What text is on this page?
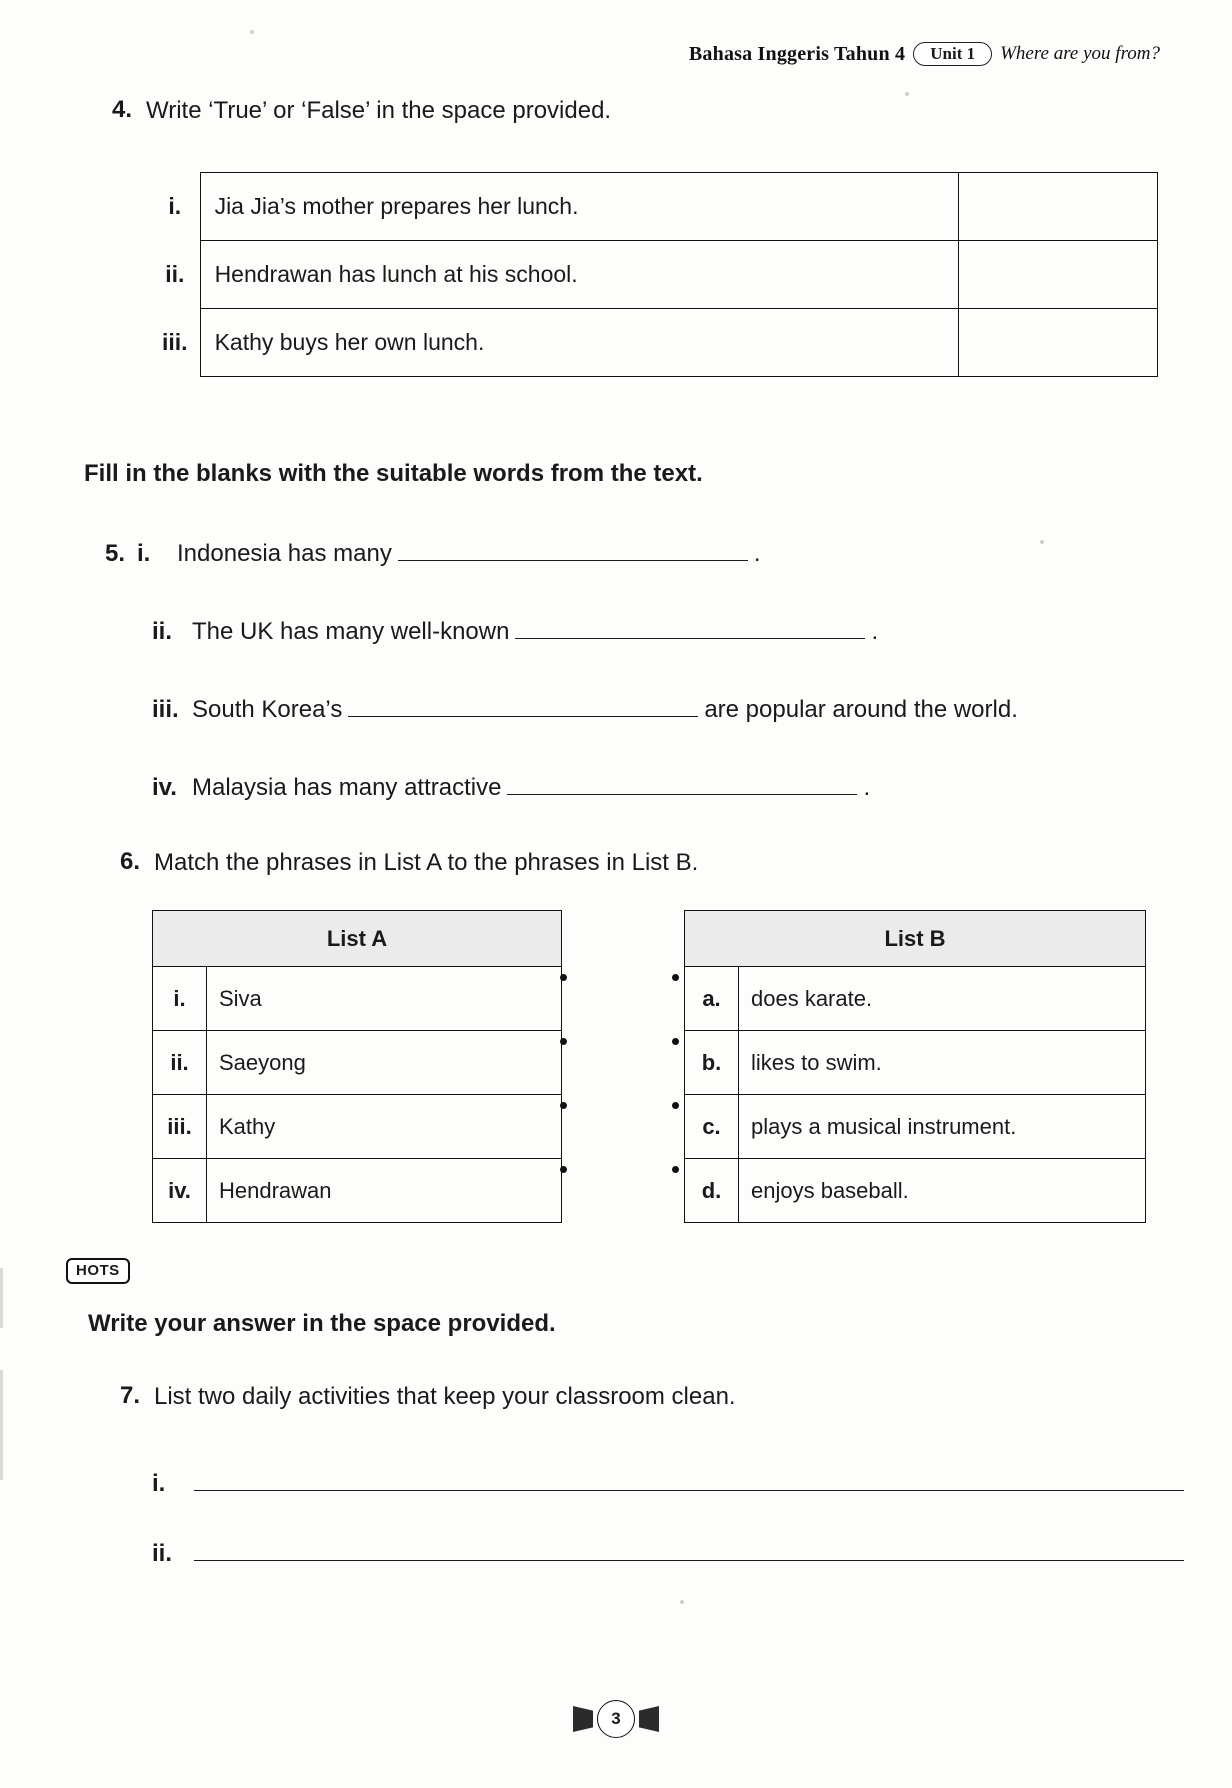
Bahasa Inggeris Tahun 4	Unit 1	Where are you from?
4. Write ‘True’ or ‘False’ in the space provided.
i.	Jia Jia’s mother prepares her lunch.	
ii.	Hendrawan has lunch at his school.	
iii.	Kathy buys her own lunch.	
Fill in the blanks with the suitable words from the text.
5. i.	Indonesia has many	.
ii. The UK has many well-known	.
iii. South Korea’s	are popular around the world.
iv. Malaysia has many attractive	.
6. Match the phrases in List A to the phrases in List B.
List A	
i.	Siva
ii.	Saeyong
iii.	Kathy
iv.	Hendrawan
List B	
a.	does karate.
b.	likes to swim.
c.	plays a musical instrument.
d.	enjoys baseball.
Write your answer in the space provided.
HOTS
7. List two daily activities that keep your classroom clean.
i.
ii.
3
